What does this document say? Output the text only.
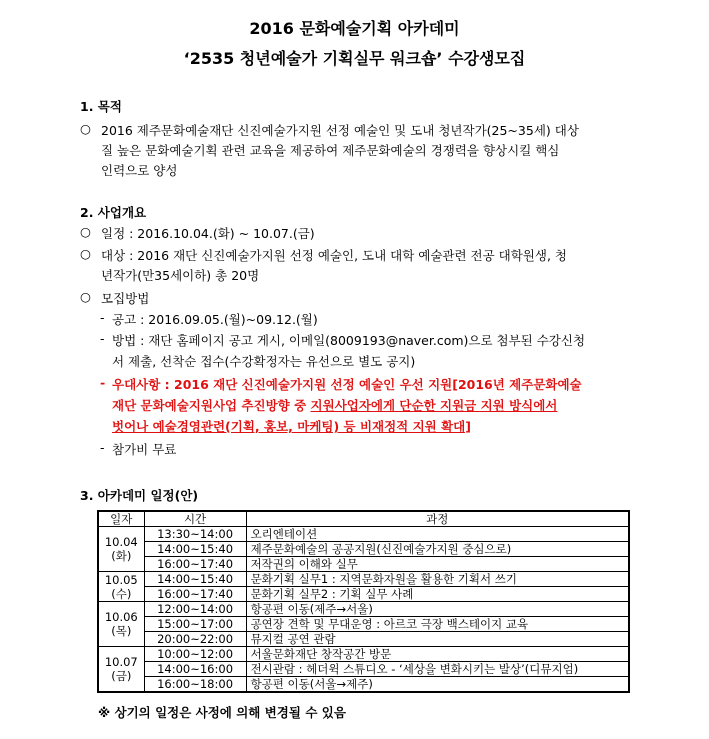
2016 문화예술기획 아카데미
‘2535 청년예술가 기획실무 워크숍’ 수강생모집
1. 목적
○ 2016 제주문화예술재단 신진예술가지원 선정 예술인 및 도내 청년작가(25~35세) 대상
질 높은 문화예술기획 관련 교육을 제공하여 제주문화예술의 경쟁력을 향상시킬 핵심
인력으로 양성
2. 사업개요
○ 일정 : 2016.10.04.(화) ~ 10.07.(금)
○ 대상 : 2016 재단 신진예술가지원 선정 예술인, 도내 대학 예술관련 전공 대학원생, 청
년작가(만35세이하) 총 20명
○ 모집방법
- 공고 : 2016.09.05.(월)~09.12.(월)
- 방법 : 재단 홈페이지 공고 게시, 이메일(8009193@naver.com)으로 첨부된 수강신청
서 제출, 선착순 접수(수강확정자는 유선으로 별도 공지)
- 우대사항 : 2016 재단 신진예술가지원 선정 예술인 우선 지원[2016년 제주문화예술
재단 문화예술지원사업 추진방향 중 지원사업자에게 단순한 지원금 지원 방식에서
벗어나 예술경영관련(기획, 홍보, 마케팅) 등 비재정적 지원 확대]
- 참가비 무료
3. 아카데미 일정(안)
일자	시간	과정
10.04
(화)	13:30~14:00	오리엔테이션
	14:00~15:40	제주문화예술의 공공지원(신진예술가지원 중심으로)
	16:00~17:40	저작권의 이해와 실무
10.05
(수)	14:00~15:40	문화기획 실무1 : 지역문화자원을 활용한 기획서 쓰기
	16:00~17:40	문화기획 실무2 : 기획 실무 사례
10.06
(목)	12:00~14:00	항공편 이동(제주→서울)
	15:00~17:00	공연장 견학 및 무대운영 : 아르코 극장 백스테이지 교육
	20:00~22:00	뮤지컬 공연 관람
10.07
(금)	10:00~12:00	서울문화재단 창작공간 방문
	14:00~16:00	전시관람 : 헤더윅 스튜디오 - ‘세상을 변화시키는 발상’(디뮤지엄)
	16:00~18:00	항공편 이동(서울→제주)
※ 상기의 일정은 사정에 의해 변경될 수 있음
